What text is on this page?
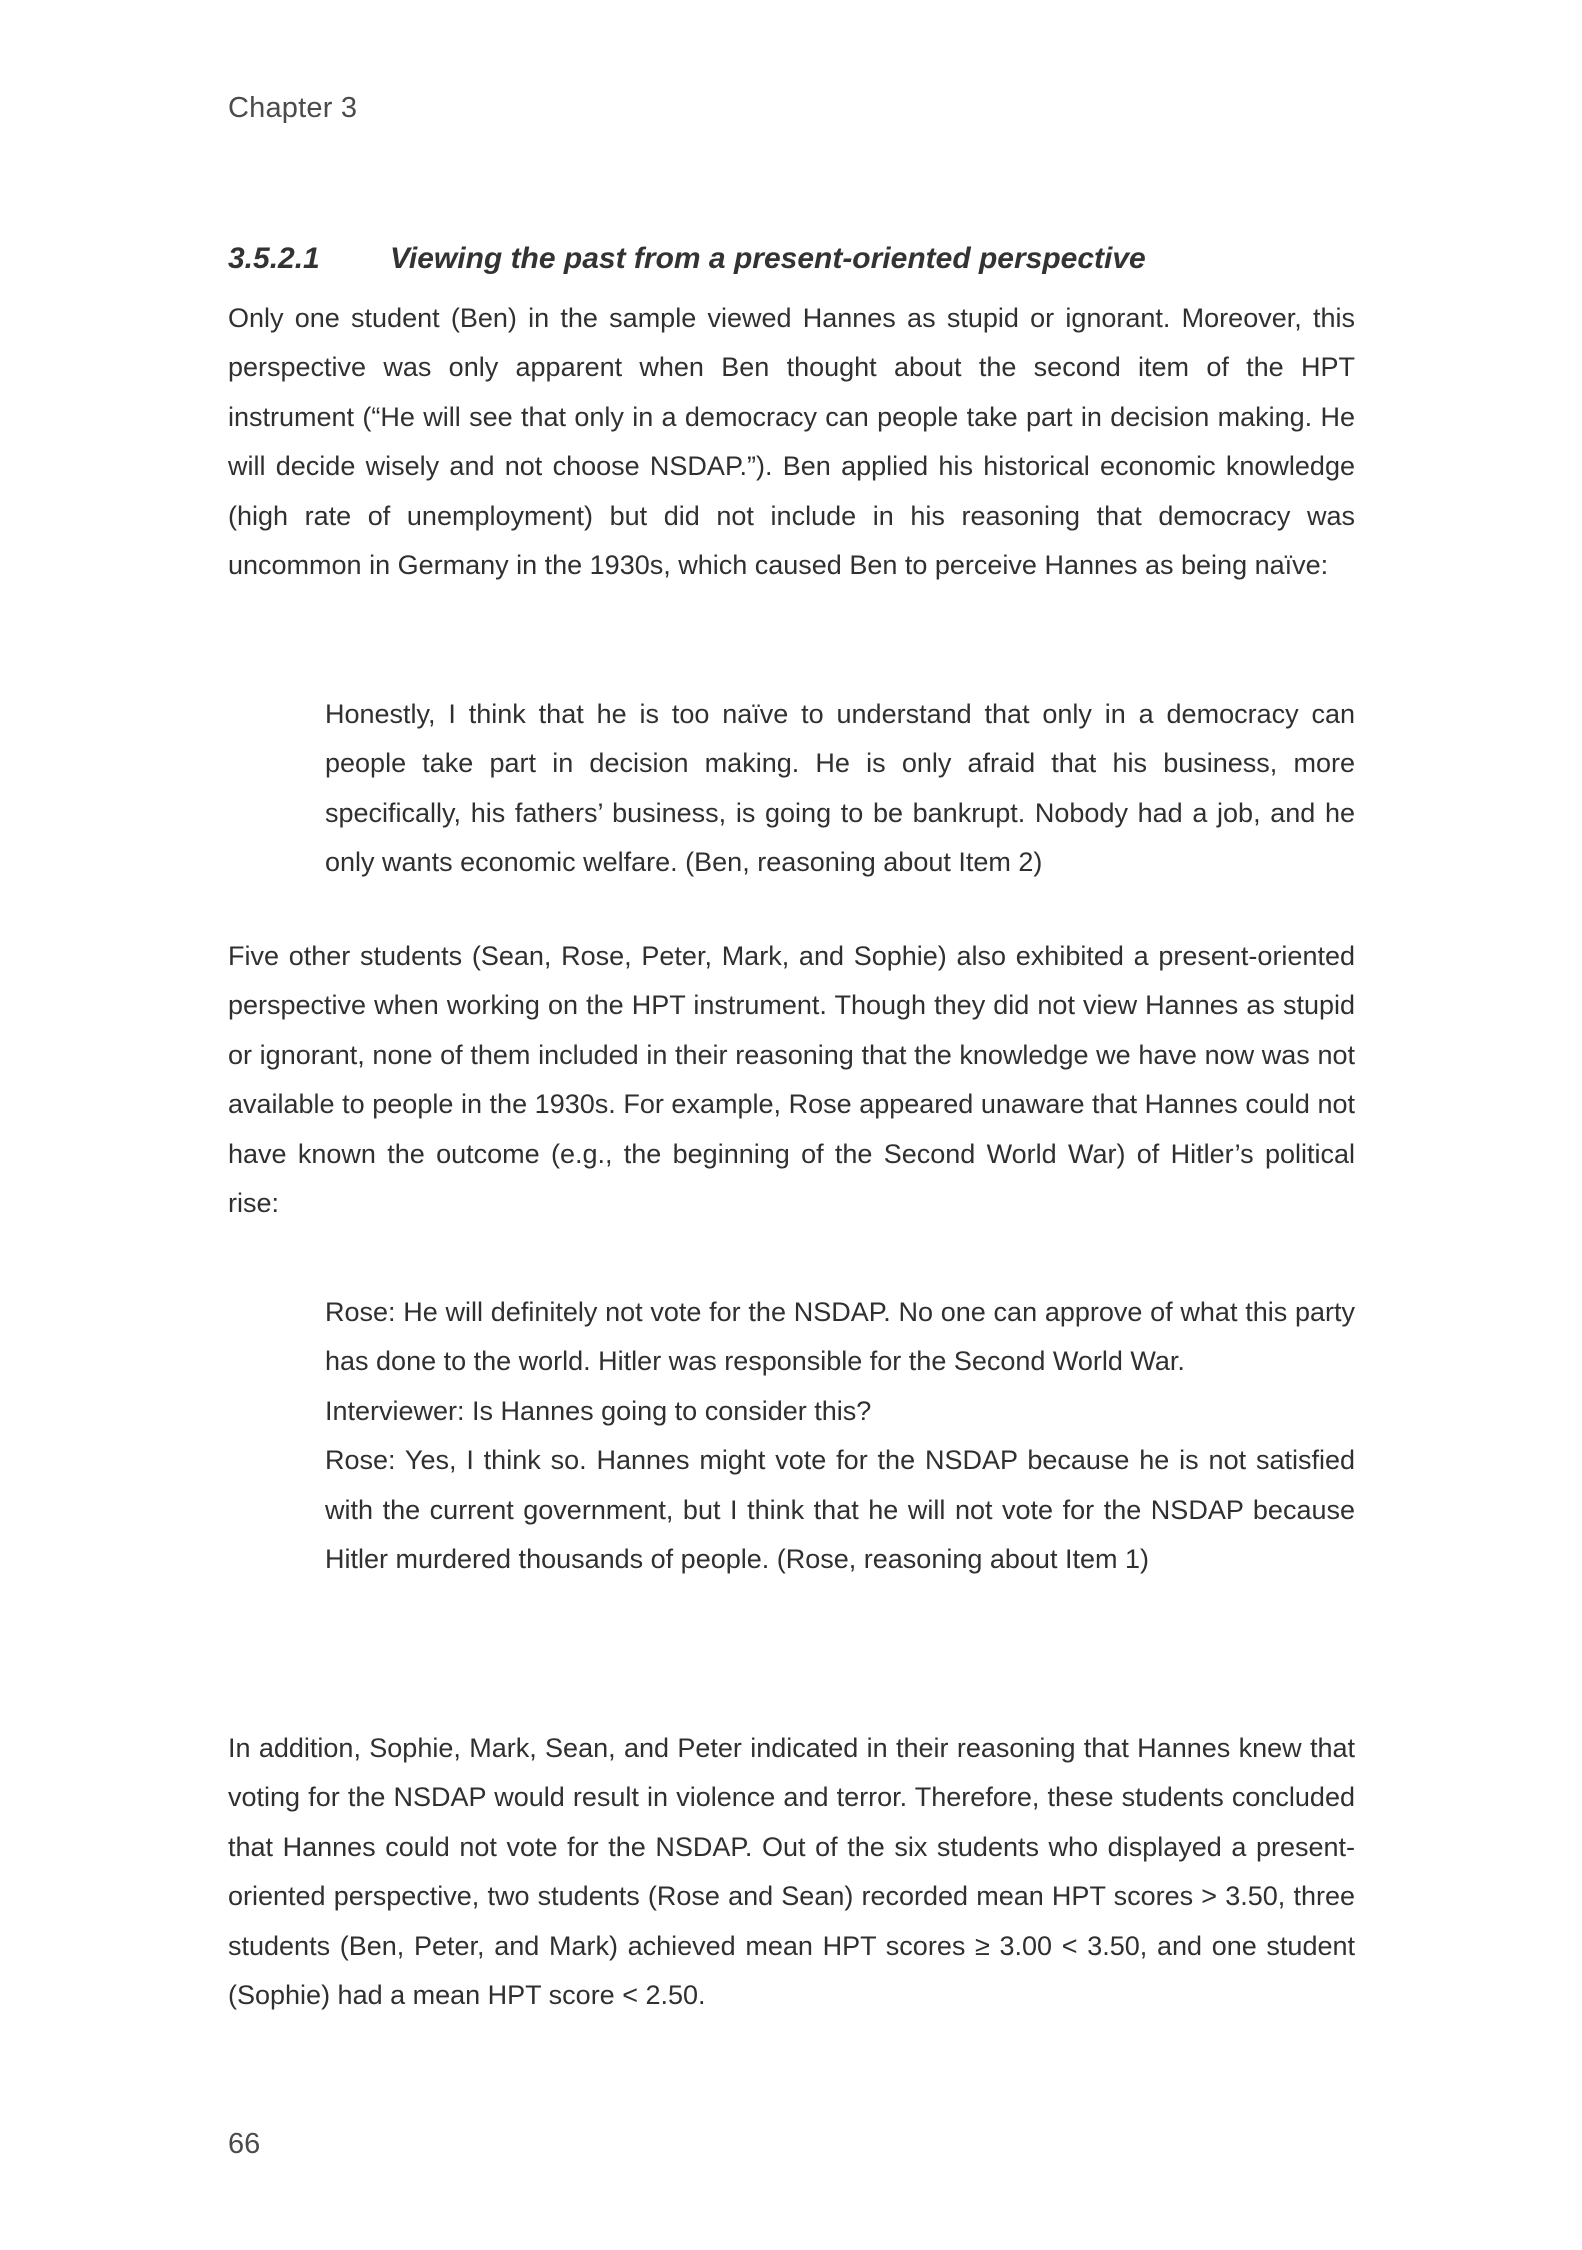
Chapter 3
3.5.2.1 Viewing the past from a present-oriented perspective

Only one student (Ben) in the sample viewed Hannes as stupid or ignorant. Moreover, this perspective was only apparent when Ben thought about the second item of the HPT instrument (“He will see that only in a democracy can people take part in decision making. He will decide wisely and not choose NSDAP.”). Ben applied his historical economic knowledge (high rate of unemployment) but did not include in his reasoning that democracy was uncommon in Germany in the 1930s, which caused Ben to perceive Hannes as being naïve:

Honestly, I think that he is too naïve to understand that only in a democracy can people take part in decision making. He is only afraid that his business, more specifically, his fathers’ business, is going to be bankrupt. Nobody had a job, and he only wants economic welfare. (Ben, reasoning about Item 2)

Five other students (Sean, Rose, Peter, Mark, and Sophie) also exhibited a present-oriented perspective when working on the HPT instrument. Though they did not view Hannes as stupid or ignorant, none of them included in their reasoning that the knowledge we have now was not available to people in the 1930s. For example, Rose appeared unaware that Hannes could not have known the outcome (e.g., the beginning of the Second World War) of Hitler’s political rise:

Rose: He will definitely not vote for the NSDAP. No one can approve of what this party has done to the world. Hitler was responsible for the Second World War.

Interviewer: Is Hannes going to consider this?

Rose: Yes, I think so. Hannes might vote for the NSDAP because he is not satisfied with the current government, but I think that he will not vote for the NSDAP because Hitler murdered thousands of people. (Rose, reasoning about Item 1)

In addition, Sophie, Mark, Sean, and Peter indicated in their reasoning that Hannes knew that voting for the NSDAP would result in violence and terror. Therefore, these students concluded that Hannes could not vote for the NSDAP. Out of the six students who displayed a present-oriented perspective, two students (Rose and Sean) recorded mean HPT scores > 3.50, three students (Ben, Peter, and Mark) achieved mean HPT scores ≥ 3.00 < 3.50, and one student (Sophie) had a mean HPT score < 2.50.

66
